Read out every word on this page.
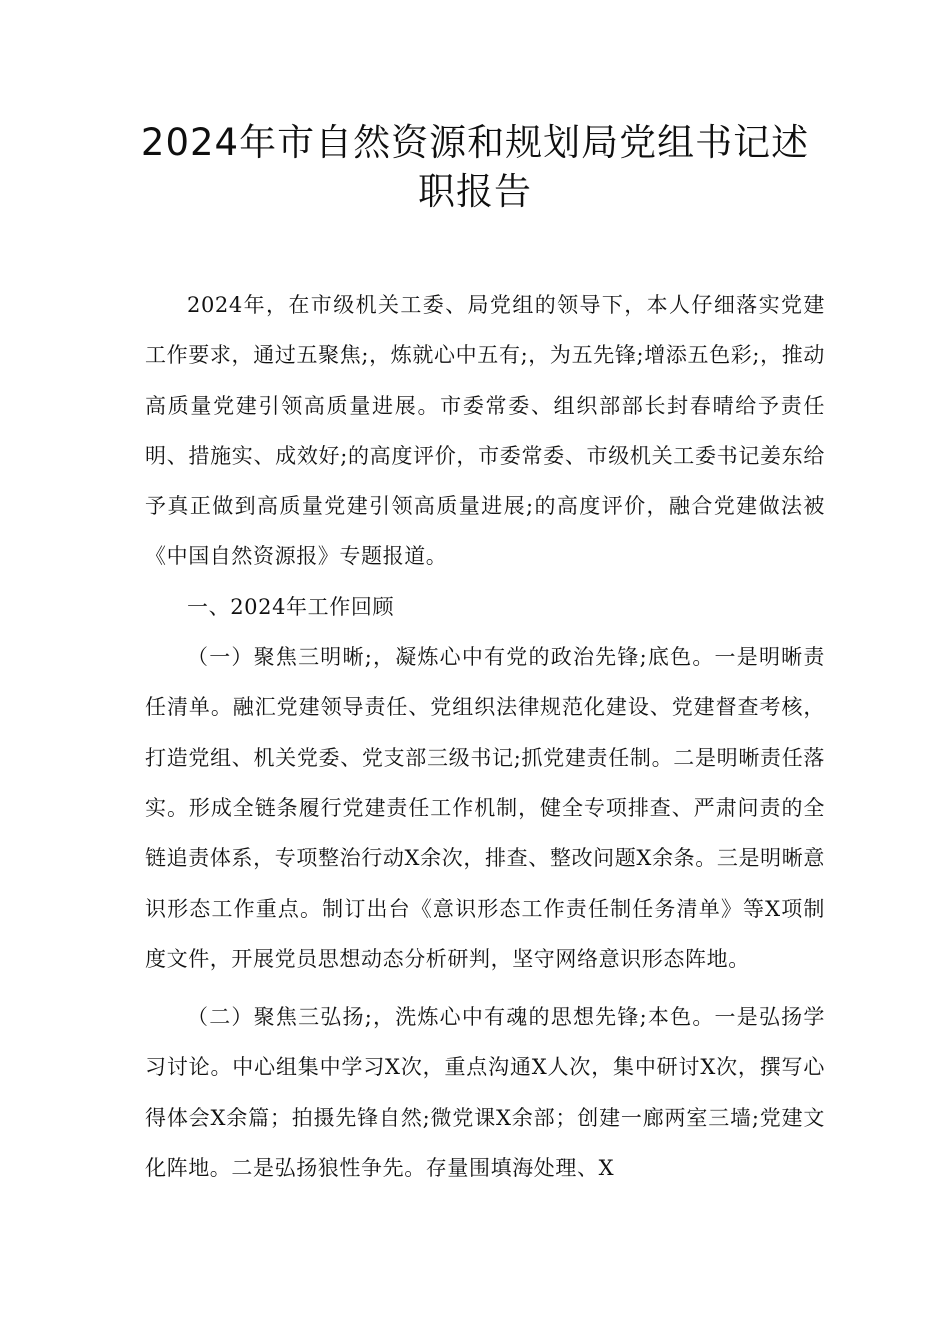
2024年市自然资源和规划局党组书记述
职报告

2024年，在市级机关工委、局党组的领导下，本人仔细落实党建工作要求，通过五聚焦;，炼就心中五有;，为五先锋;增添五色彩;，推动高质量党建引领高质量进展。市委常委、组织部部长封春晴给予责任明、措施实、成效好;的高度评价，市委常委、市级机关工委书记姜东给予真正做到高质量党建引领高质量进展;的高度评价，融合党建做法被《中国自然资源报》专题报道。

一、2024年工作回顾

（一）聚焦三明晰;，凝炼心中有党的政治先锋;底色。一是明晰责任清单。融汇党建领导责任、党组织法律规范化建设、党建督查考核，打造党组、机关党委、党支部三级书记;抓党建责任制。二是明晰责任落实。形成全链条履行党建责任工作机制，健全专项排查、严肃问责的全链追责体系，专项整治行动X余次，排查、整改问题X余条。三是明晰意识形态工作重点。制订出台《意识形态工作责任制任务清单》等X项制度文件，开展党员思想动态分析研判，坚守网络意识形态阵地。

（二）聚焦三弘扬;，洗炼心中有魂的思想先锋;本色。一是弘扬学习讨论。中心组集中学习X次，重点沟通X人次，集中研讨X次，撰写心得体会X余篇；拍摄先锋自然;微党课X余部；创建一廊两室三墙;党建文化阵地。二是弘扬狼性争先。存量围填海处理、X
